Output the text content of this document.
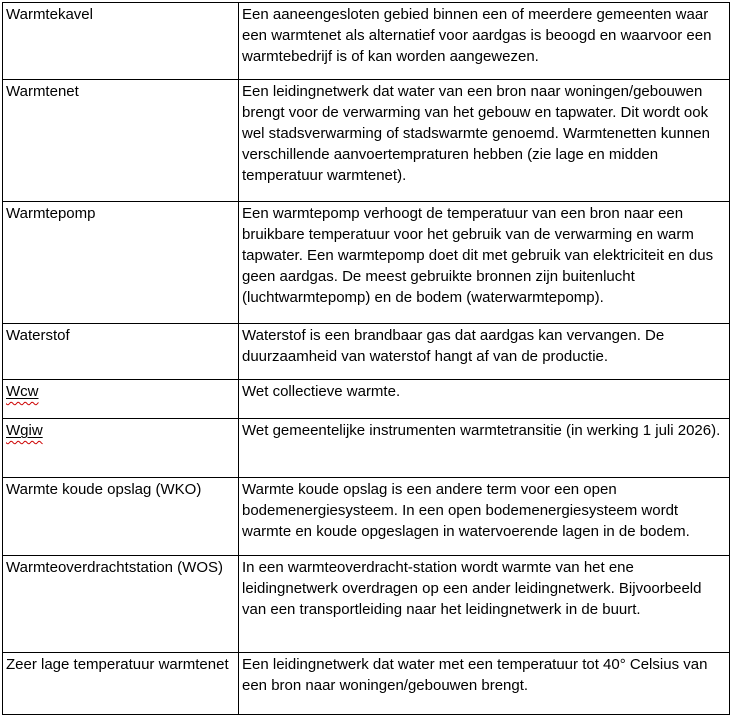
Warmtekavel	Een aaneengesloten gebied binnen een of meerdere gemeenten waar een warmtenet als alternatief voor aardgas is beoogd en waarvoor een warmtebedrijf is of kan worden aangewezen.
Warmtenet	Een leidingnetwerk dat water van een bron naar woningen/gebouwen brengt voor de verwarming van het gebouw en tapwater. Dit wordt ook wel stadsverwarming of stadswarmte genoemd. Warmtenetten kunnen verschillende aanvoertempraturen hebben (zie lage en midden temperatuur warmtenet).
Warmtepomp	Een warmtepomp verhoogt de temperatuur van een bron naar een bruikbare temperatuur voor het gebruik van de verwarming en warm tapwater. Een warmtepomp doet dit met gebruik van elektriciteit en dus geen aardgas. De meest gebruikte bronnen zijn buitenlucht (luchtwarmtepomp) en de bodem (waterwarmtepomp).
Waterstof	Waterstof is een brandbaar gas dat aardgas kan vervangen. De duurzaamheid van waterstof hangt af van de productie.
Wcw	Wet collectieve warmte.
Wgiw	Wet gemeentelijke instrumenten warmtetransitie (in werking 1 juli 2026).
Warmte koude opslag (WKO)	Warmte koude opslag is een andere term voor een open bodemenergiesysteem. In een open bodemenergiesysteem wordt warmte en koude opgeslagen in watervoerende lagen in de bodem.
Warmteoverdrachtstation (WOS)	In een warmteoverdracht-station wordt warmte van het ene leidingnetwerk overdragen op een ander leidingnetwerk. Bijvoorbeeld van een transportleiding naar het leidingnetwerk in de buurt.
Zeer lage temperatuur warmtenet	Een leidingnetwerk dat water met een temperatuur tot 40° Celsius van een bron naar woningen/gebouwen brengt.
